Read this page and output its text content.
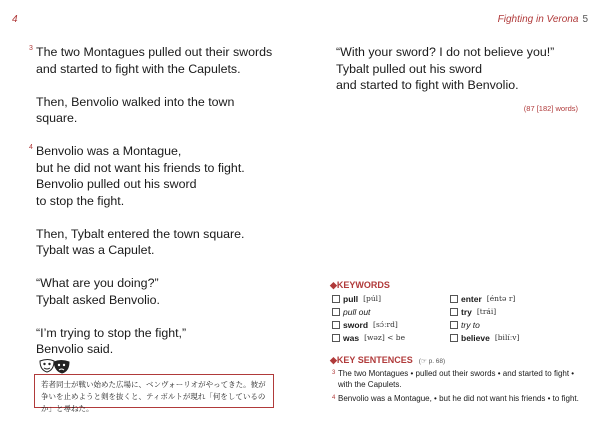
4	Fighting in Verona 5
3 The two Montagues pulled out their swords
and started to fight with the Capulets.
Then, Benvolio walked into the town
square.
4 Benvolio was a Montague,
but he did not want his friends to fight.
Benvolio pulled out his sword
to stop the fight.
Then, Tybalt entered the town square.
Tybalt was a Capulet.
“What are you doing?”
Tybalt asked Benvolio.
“I’m trying to stop the fight,”
Benvolio said.
“With your sword? I do not believe you!”
Tybalt pulled out his sword
and started to fight with Benvolio.
(87 [182] words)
◆KEYWORDS
pull [púl]	enter [éntə r]
pull out	try [trái]
sword [sɔ́ːrd]	try to
was [wəz] < be	believe [bilíːv]
◆KEY SENTENCES (☞ p. 68)
3 The two Montagues • pulled out their swords • and started to fight • with the Capulets.
4 Benvolio was a Montague, • but he did not want his friends • to fight.
若者同士が戦い始めた広場に、ベンヴォーリオがやってきた。彼が争いを止めようと剣を抜くと、ティボルトが現れ「何をしているのか」と尋ねた。
